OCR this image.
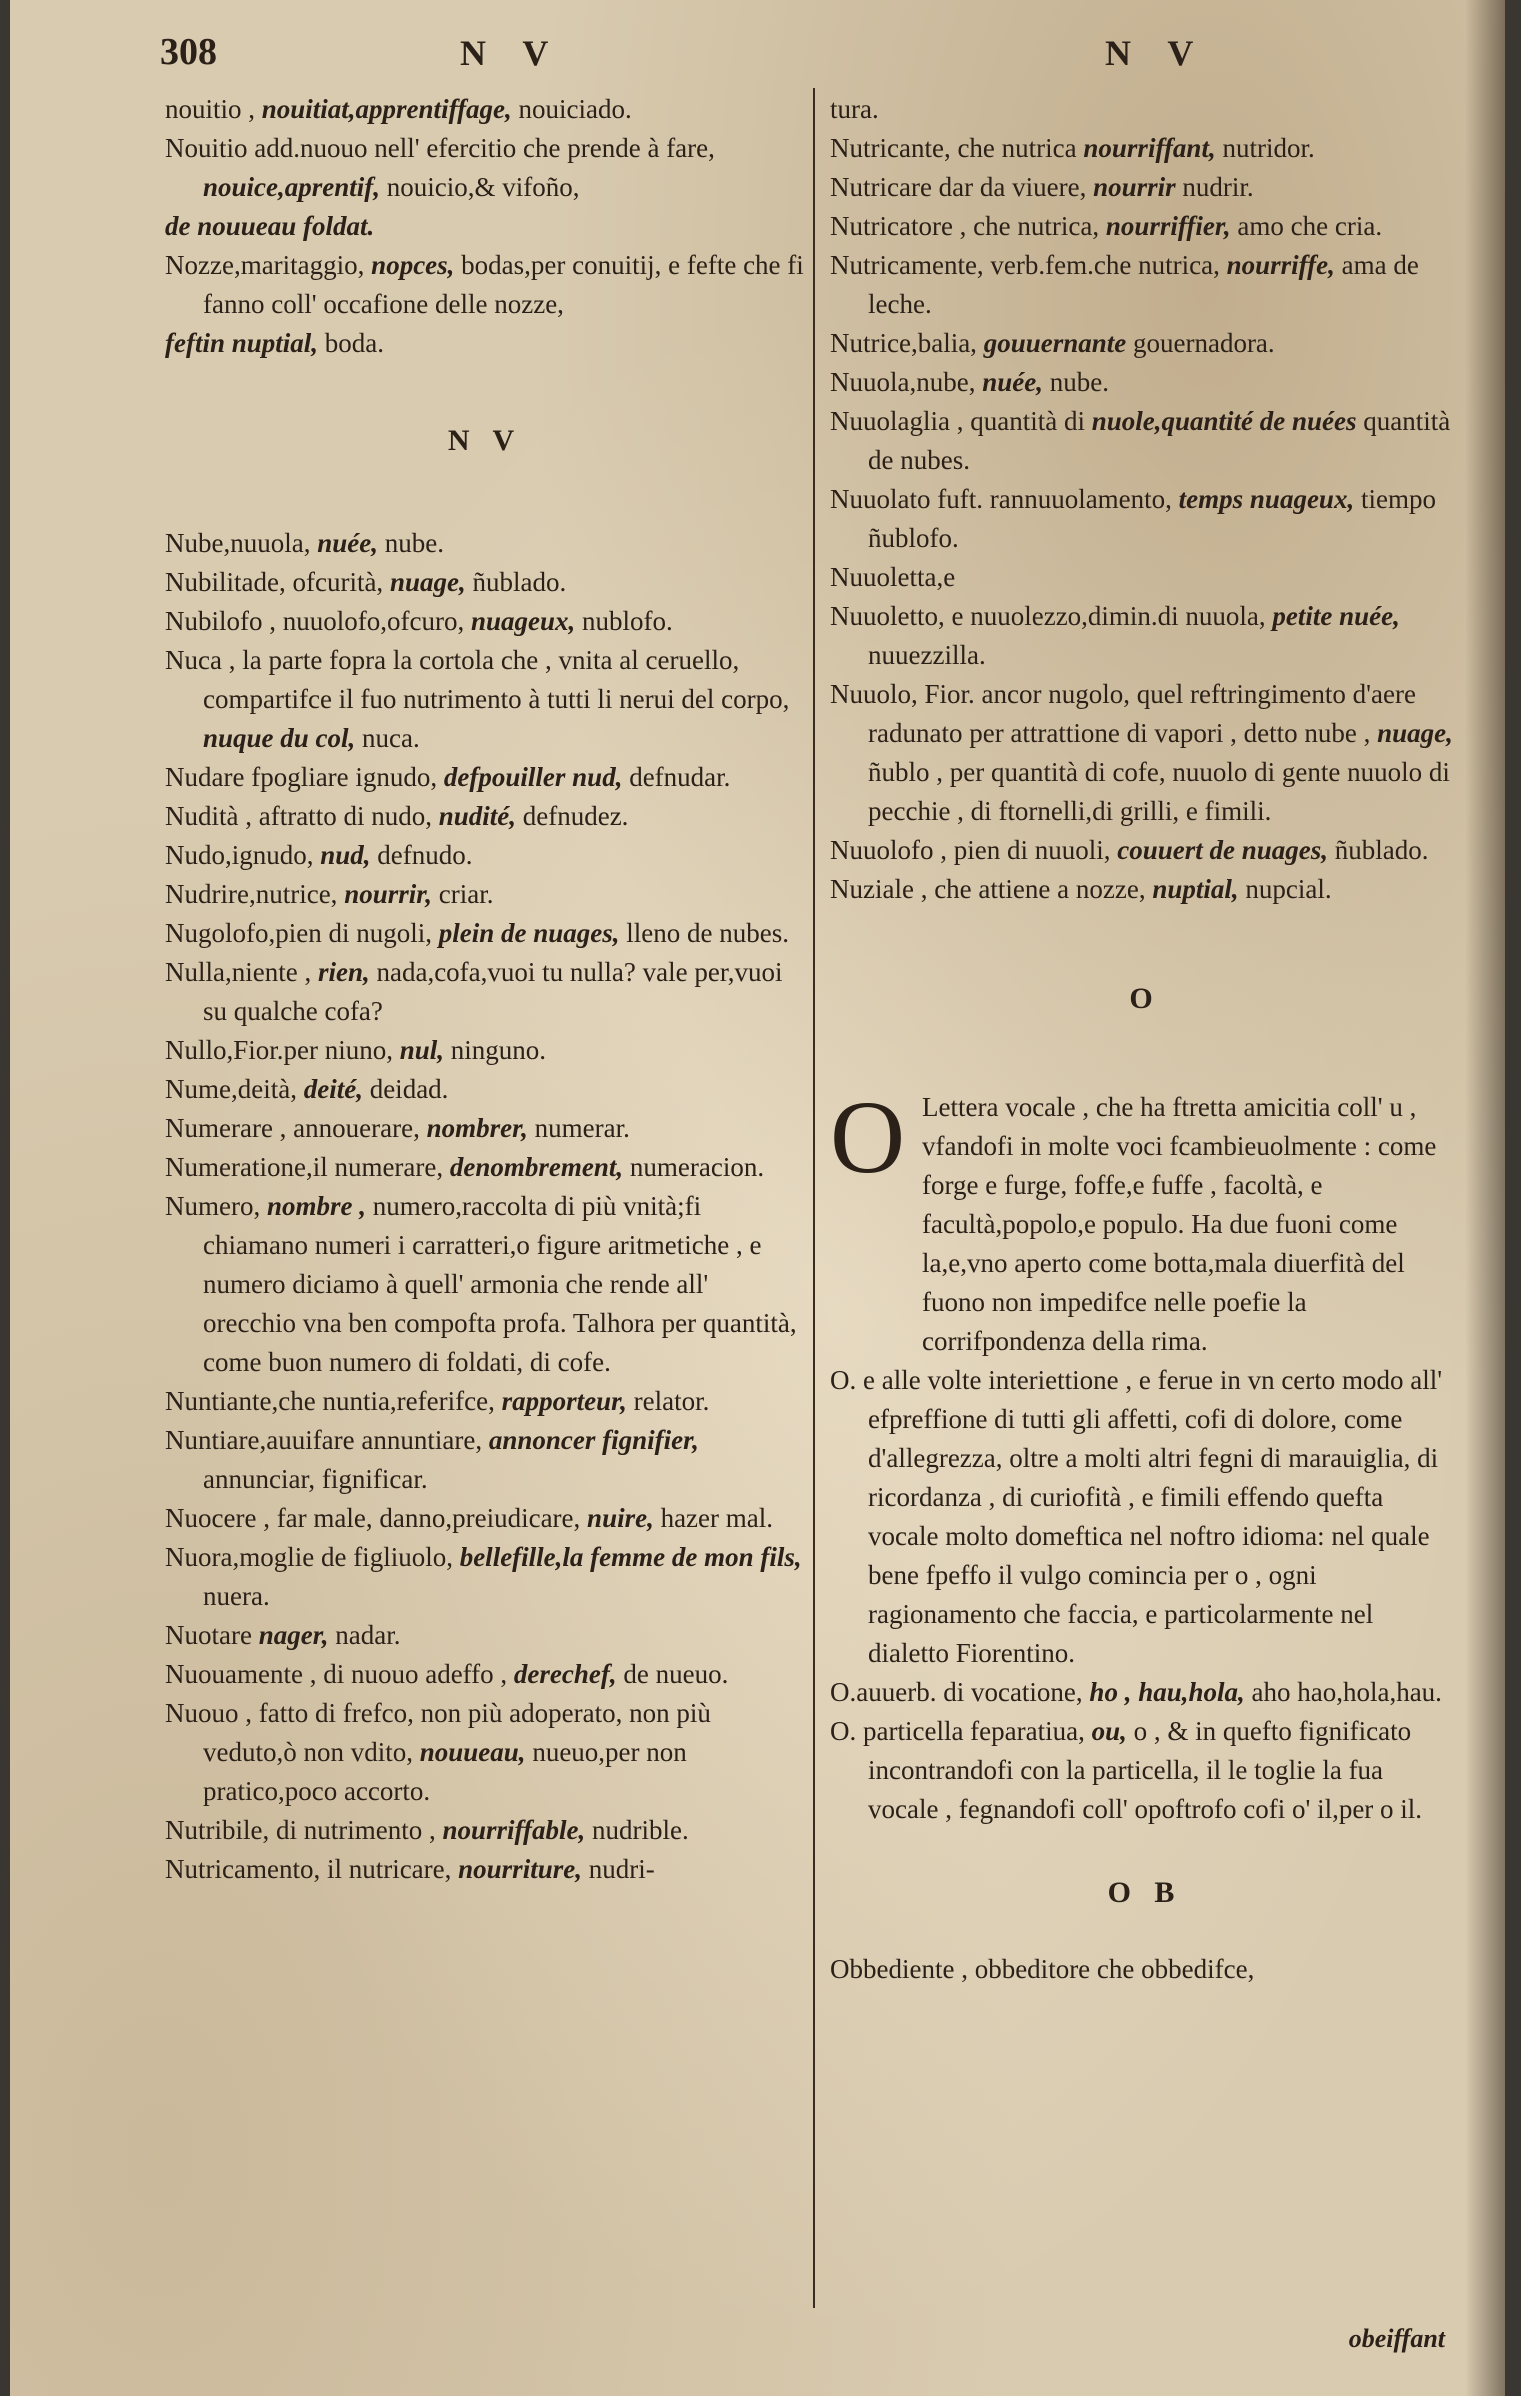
308	N V	N V

nouitio , nouitiat,apprentiffage, nouiciado.

Nouitio add.nuouo nell' efercitio che prende à fare, nouice,aprentif, nouicio,& vifoño,

de nouueau foldat.

Nozze,maritaggio, nopces, bodas,per conuitij, e fefte che fi fanno coll' occafione delle nozze,

feftin nuptial, boda.

N V

Nube,nuuola, nuée, nube.

Nubilitade, ofcurità, nuage, ñublado.

Nubilofo , nuuolofo,ofcuro, nuageux, nublofo.

Nuca , la parte fopra la cortola che , vnita al ceruello, compartifce il fuo nutrimento à tutti li nerui del corpo, nuque du col, nuca.

Nudare fpogliare ignudo, defpouiller nud, defnudar.

Nudità , aftratto di nudo, nudité, defnudez.

Nudo,ignudo, nud, defnudo.

Nudrire,nutrice, nourrir, criar.

Nugolofo,pien di nugoli, plein de nuages, lleno de nubes.

Nulla,niente , rien, nada,cofa,vuoi tu nulla? vale per,vuoi su qualche cofa?

Nullo,Fior.per niuno, nul, ninguno.

Nume,deità, deité, deidad.

Numerare , annouerare, nombrer, numerar.

Numeratione,il numerare, denombrement, numeracion.

Numero, nombre , numero,raccolta di più vnità;fi chiamano numeri i carratteri,o figure aritmetiche , e numero diciamo à quell' armonia che rende all' orecchio vna ben compofta profa. Talhora per quantità, come buon numero di foldati, di cofe.

Nuntiante,che nuntia,referifce, rapporteur, relator.

Nuntiare,auuifare annuntiare, annoncer fignifier, annunciar, fignificar.

Nuocere , far male, danno,preiudicare, nuire, hazer mal.

Nuora,moglie de figliuolo, bellefille,la femme de mon fils, nuera.

Nuotare nager, nadar.

Nuouamente , di nuouo adeffo , derechef, de nueuo.

Nuouo , fatto di frefco, non più adoperato, non più veduto,ò non vdito, nouueau, nueuo,per non pratico,poco accorto.

Nutribile, di nutrimento , nourriffable, nudrible.

Nutricamento, il nutricare, nourriture, nudri-

tura.

Nutricante, che nutrica nourriffant, nutridor.

Nutricare dar da viuere, nourrir nudrir.

Nutricatore , che nutrica, nourriffier, amo che cria.

Nutricamente, verb.fem.che nutrica, nourriffe, ama de leche.

Nutrice,balia, gouuernante gouernadora.

Nuuola,nube, nuée, nube.

Nuuolaglia , quantità di nuole,quantité de nuées quantità de nubes.

Nuuolato fuft. rannuuolamento, temps nuageux, tiempo ñublofo.

Nuuoletta,e

Nuuoletto, e nuuolezzo,dimin.di nuuola, petite nuée, nuuezzilla.

Nuuolo, Fior. ancor nugolo, quel reftringimento d'aere radunato per attrattione di vapori , detto nube , nuage, ñublo , per quantità di cofe, nuuolo di gente nuuolo di pecchie , di ftornelli,di grilli, e fimili.

Nuuolofo , pien di nuuoli, couuert de nuages, ñublado.

Nuziale , che attiene a nozze, nuptial, nupcial.

O

O Lettera vocale , che ha ftretta amicitia coll' u , vfandofi in molte voci fcambieuolmente : come forge e furge, foffe,e fuffe , facoltà, e facultà,popolo,e populo. Ha due fuoni come la,e,vno aperto come botta,mala diuerfità del fuono non impedifce nelle poefie la corrifpondenza della rima.

O. e alle volte interiettione , e ferue in vn certo modo all' efpreffione di tutti gli affetti, cofi di dolore, come d'allegrezza, oltre a molti altri fegni di marauiglia, di ricordanza , di curiofità , e fimili effendo quefta vocale molto domeftica nel noftro idioma: nel quale bene fpeffo il vulgo comincia per o , ogni ragionamento che faccia, e particolarmente nel dialetto Fiorentino.

O.auuerb. di vocatione, ho , hau,hola, aho hao,hola,hau.

O. particella feparatiua, ou, o , & in quefto fignificato incontrandofi con la particella, il le toglie la fua vocale , fegnandofi coll' opoftrofo cofi o' il,per o il.

O B

Obbediente , obbeditore che obbedifce,

obeiffant
